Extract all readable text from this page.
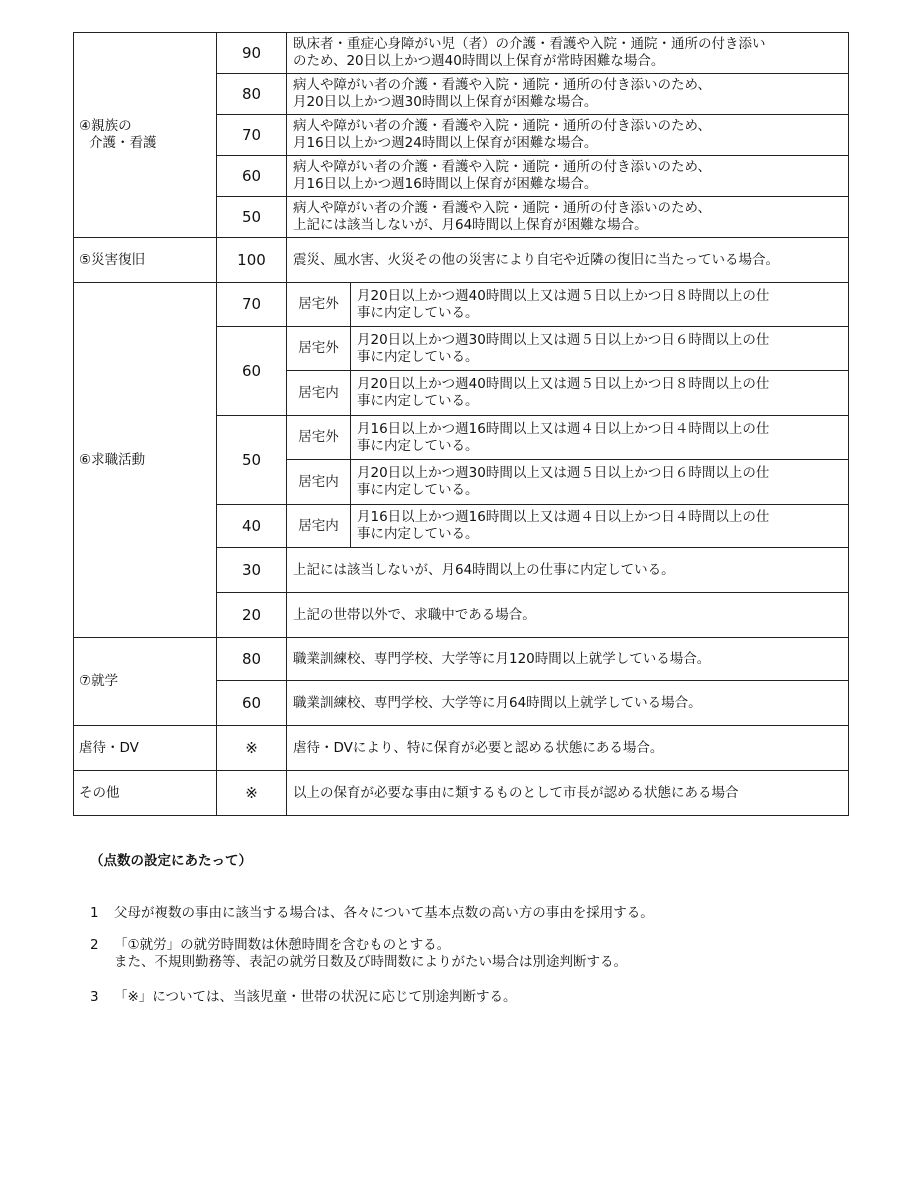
④親族の
介護・看護	90	臥床者・重症心身障がい児（者）の介護・看護や入院・通院・通所の付き添い
のため、20日以上かつ週40時間以上保育が常時困難な場合。	

	80	病人や障がい者の介護・看護や入院・通院・通所の付き添いのため、
月20日以上かつ週30時間以上保育が困難な場合。	

	70	病人や障がい者の介護・看護や入院・通院・通所の付き添いのため、
月16日以上かつ週24時間以上保育が困難な場合。	

	60	病人や障がい者の介護・看護や入院・通院・通所の付き添いのため、
月16日以上かつ週16時間以上保育が困難な場合。	

	50	病人や障がい者の介護・看護や入院・通院・通所の付き添いのため、
上記には該当しないが、月64時間以上保育が困難な場合。	

⑤災害復旧	100	震災、風水害、火災その他の災害により自宅や近隣の復旧に当たっている場合。	

⑥求職活動	70	居宅外	月20日以上かつ週40時間以上又は週５日以上かつ日８時間以上の仕
事に内定している。

	60	居宅外	月20日以上かつ週30時間以上又は週５日以上かつ日６時間以上の仕
事に内定している。

		居宅内	月20日以上かつ週40時間以上又は週５日以上かつ日８時間以上の仕
事に内定している。

	50	居宅外	月16日以上かつ週16時間以上又は週４日以上かつ日４時間以上の仕
事に内定している。

		居宅内	月20日以上かつ週30時間以上又は週５日以上かつ日６時間以上の仕
事に内定している。

	40	居宅内	月16日以上かつ週16時間以上又は週４日以上かつ日４時間以上の仕
事に内定している。

	30	上記には該当しないが、月64時間以上の仕事に内定している。	

	20	上記の世帯以外で、求職中である場合。	

⑦就学	80	職業訓練校、専門学校、大学等に月120時間以上就学している場合。	

	60	職業訓練校、専門学校、大学等に月64時間以上就学している場合。	

虐待・DV	※	虐待・DVにより、特に保育が必要と認める状態にある場合。	

その他	※	以上の保育が必要な事由に類するものとして市長が認める状態にある場合	
（点数の設定にあたって）
1	父母が複数の事由に該当する場合は、各々について基本点数の高い方の事由を採用する。
2	「①就労」の就労時間数は休憩時間を含むものとする。
また、不規則勤務等、表記の就労日数及び時間数によりがたい場合は別途判断する。
3	「※」については、当該児童・世帯の状況に応じて別途判断する。
